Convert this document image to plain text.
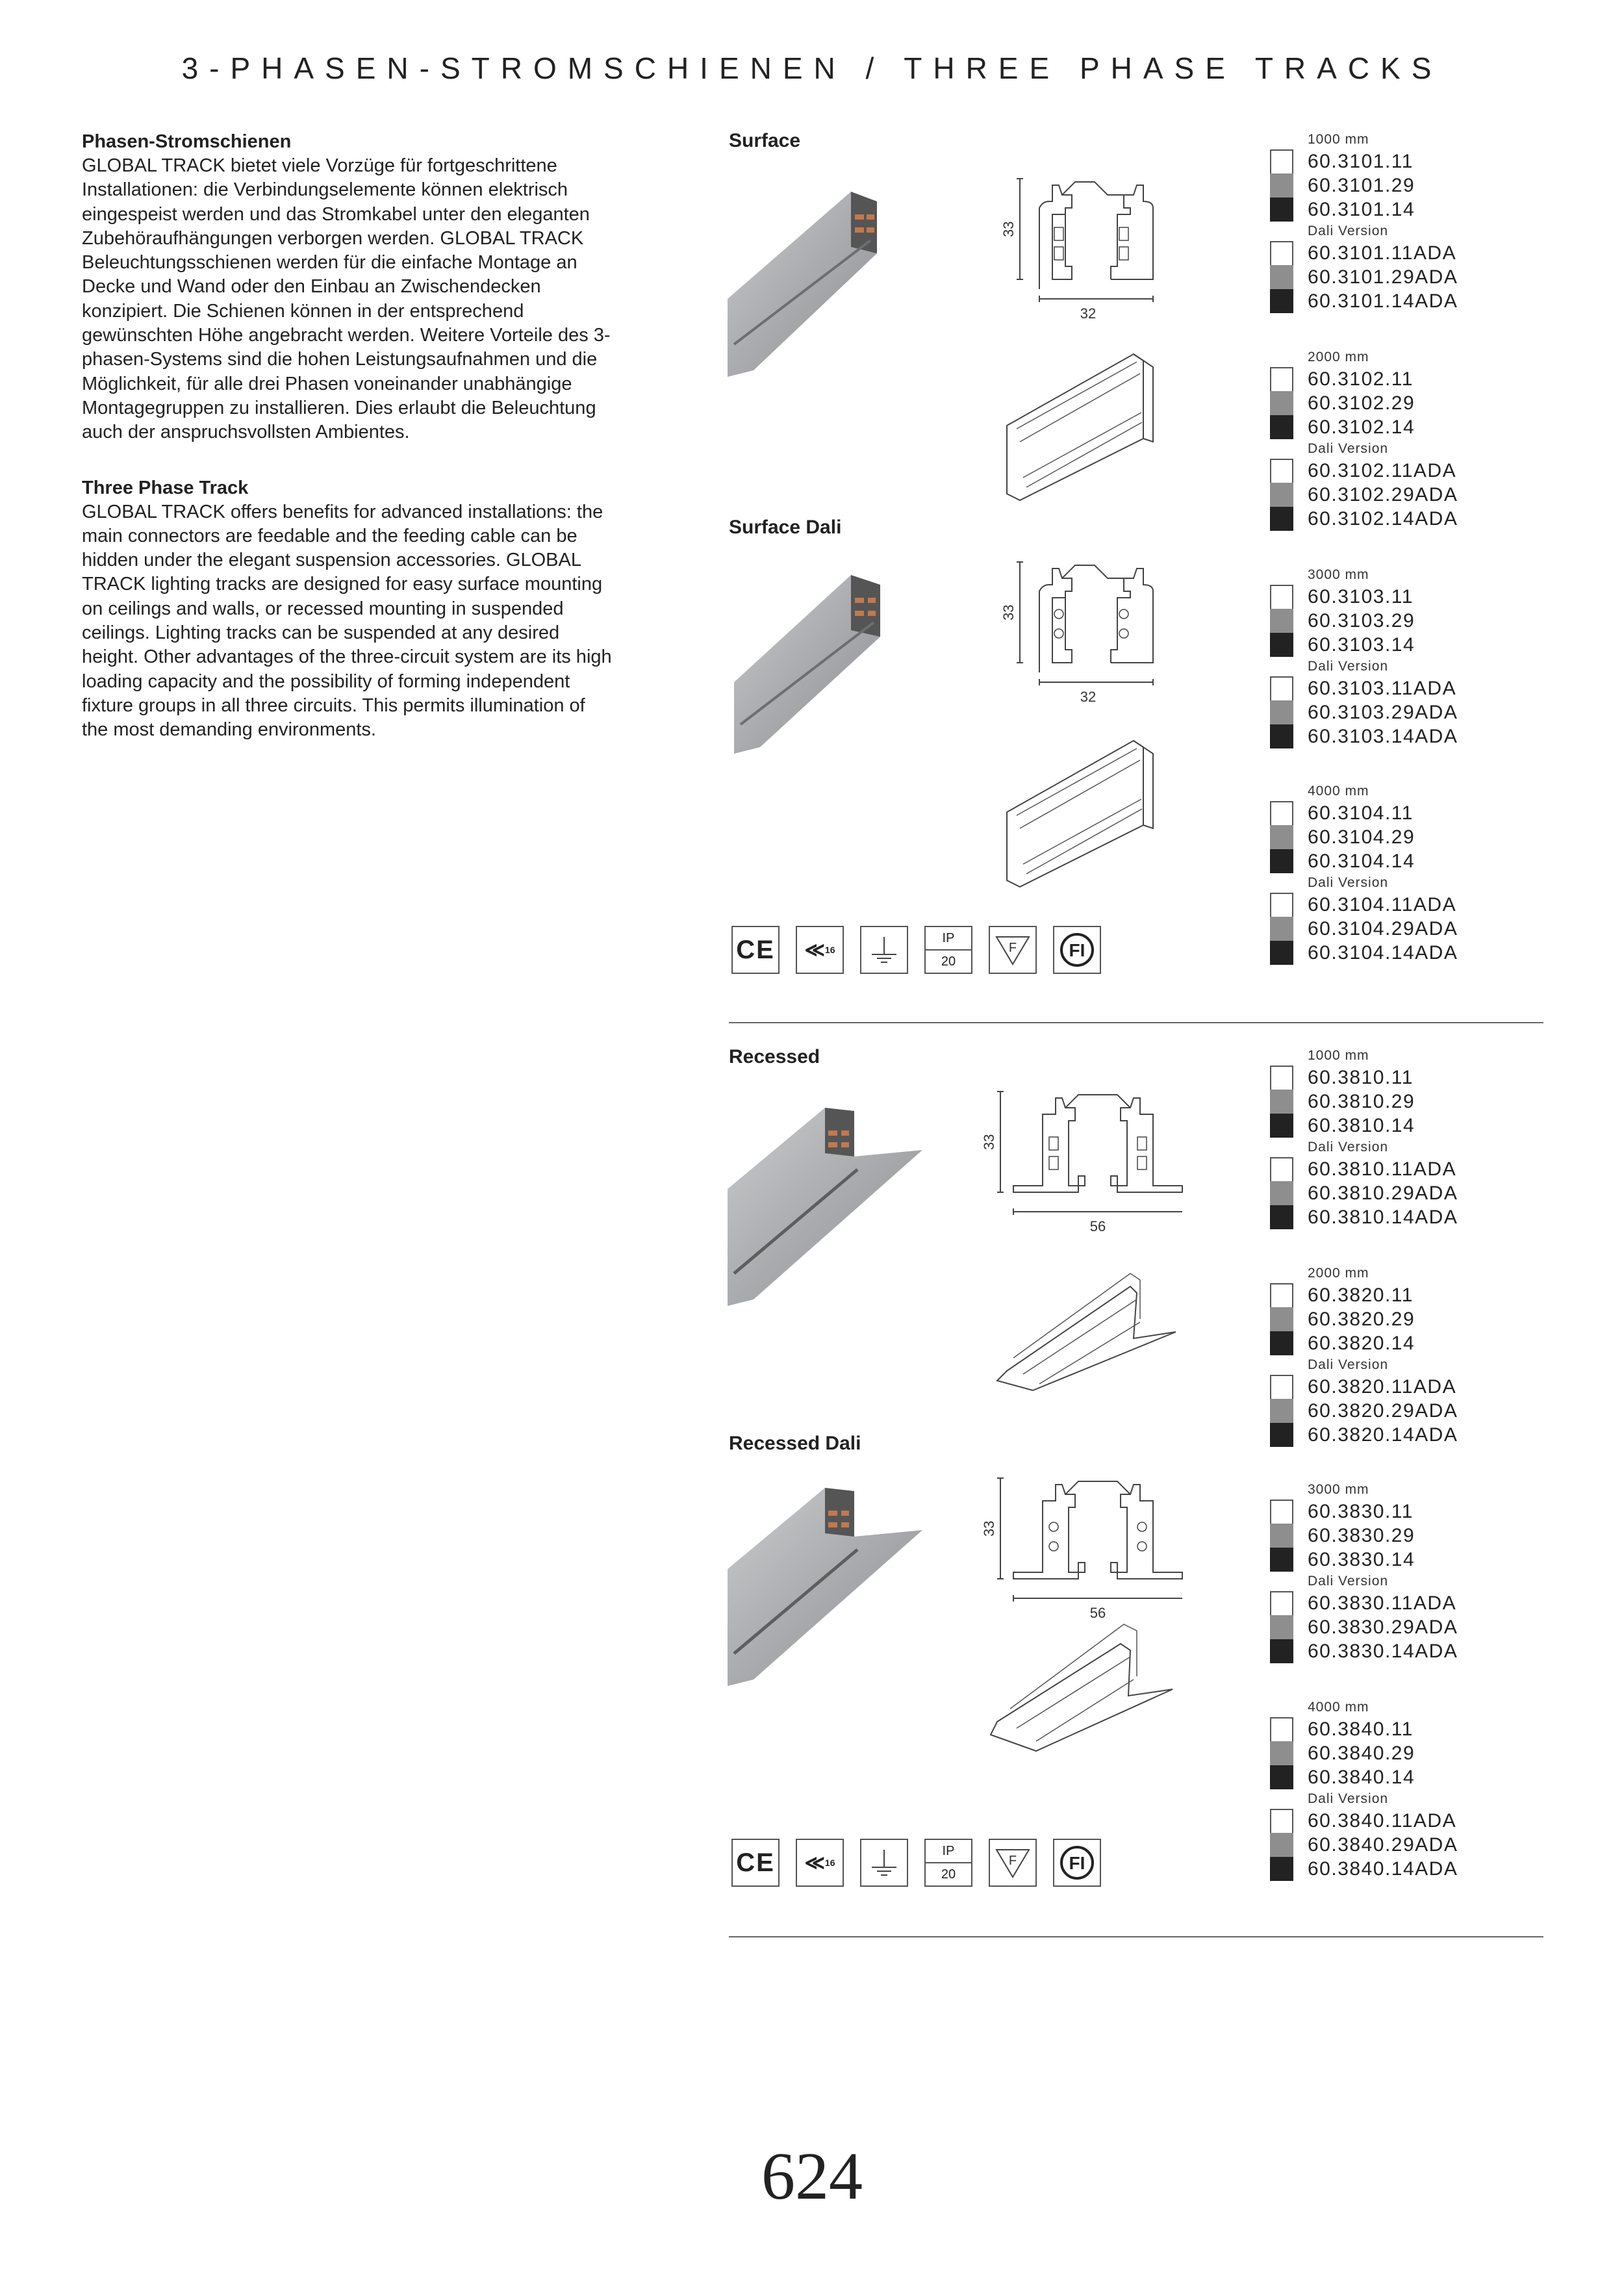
3-PHASEN-STROMSCHIENEN / THREE PHASE TRACKS
Phasen-Stromschienen

GLOBAL TRACK bietet viele Vorzüge für fortgeschrittene Installationen: die Verbindungselemente können elektrisch eingespeist werden und das Stromkabel unter den eleganten Zubehöraufhängungen verborgen werden. GLOBAL TRACK Beleuchtungsschienen werden für die einfache Montage an Decke und Wand oder den Einbau an Zwischendecken konzipiert. Die Schienen können in der entsprechend gewünschten Höhe angebracht werden. Weitere Vorteile des 3-phasen-Systems sind die hohen Leistungsaufnahmen und die Möglichkeit, für alle drei Phasen voneinander unabhängige Montagegruppen zu installieren. Dies erlaubt die Beleuchtung auch der anspruchsvollsten Ambientes.

Three Phase Track

GLOBAL TRACK offers benefits for advanced installations: the main connectors are feedable and the feeding cable can be hidden under the elegant suspension accessories. GLOBAL TRACK lighting tracks are designed for easy surface mounting on ceilings and walls, or recessed mounting in suspended ceilings. Lighting tracks can be suspended at any desired height. Other advantages of the three-circuit system are its high loading capacity and the possibility of forming independent fixture groups in all three circuits. This permits illumination of the most demanding environments.

Surface
Surface Dali
Recessed
Recessed Dali
33
32
33
32
33
56
33
56
1000 mm
60.3101.11
60.3101.29
60.3101.14
Dali Version
60.3101.11ADA
60.3101.29ADA
60.3101.14ADA
2000 mm
60.3102.11
60.3102.29
60.3102.14
Dali Version
60.3102.11ADA
60.3102.29ADA
60.3102.14ADA
3000 mm
60.3103.11
60.3103.29
60.3103.14
Dali Version
60.3103.11ADA
60.3103.29ADA
60.3103.14ADA
4000 mm
60.3104.11
60.3104.29
60.3104.14
Dali Version
60.3104.11ADA
60.3104.29ADA
60.3104.14ADA
1000 mm
60.3810.11
60.3810.29
60.3810.14
Dali Version
60.3810.11ADA
60.3810.29ADA
60.3810.14ADA
2000 mm
60.3820.11
60.3820.29
60.3820.14
Dali Version
60.3820.11ADA
60.3820.29ADA
60.3820.14ADA
3000 mm
60.3830.11
60.3830.29
60.3830.14
Dali Version
60.3830.11ADA
60.3830.29ADA
60.3830.14ADA
4000 mm
60.3840.11
60.3840.29
60.3840.14
Dali Version
60.3840.11ADA
60.3840.29ADA
60.3840.14ADA
CE ≪ 16
IP
20
F	FI
CE ≪ 16
IP
20
F	FI
624
